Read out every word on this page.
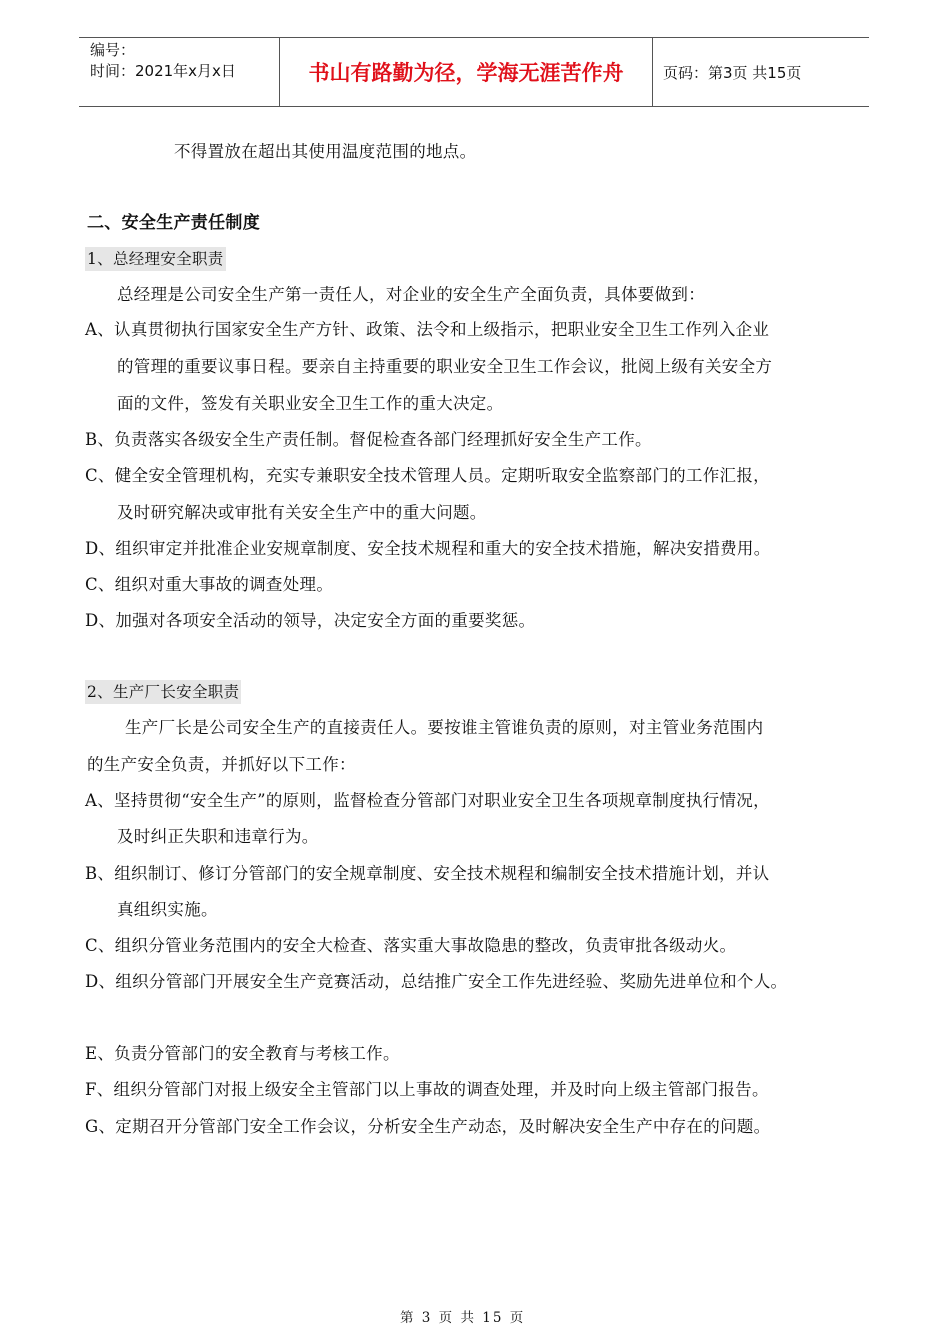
编号：
时间：2021年x月x日	书山有路勤为径，学海无涯苦作舟	页码：第3页 共15页
不得置放在超出其使用温度范围的地点。
二、安全生产责任制度
1、总经理安全职责
总经理是公司安全生产第一责任人，对企业的安全生产全面负责，具体要做到：
A、认真贯彻执行国家安全生产方针、政策、法令和上级指示，把职业安全卫生工作列入企业
的管理的重要议事日程。要亲自主持重要的职业安全卫生工作会议，批阅上级有关安全方
面的文件，签发有关职业安全卫生工作的重大决定。
B、负责落实各级安全生产责任制。督促检查各部门经理抓好安全生产工作。
C、健全安全管理机构，充实专兼职安全技术管理人员。定期听取安全监察部门的工作汇报，
及时研究解决或审批有关安全生产中的重大问题。
D、组织审定并批准企业安规章制度、安全技术规程和重大的安全技术措施，解决安措费用。
C、组织对重大事故的调查处理。
D、加强对各项安全活动的领导，决定安全方面的重要奖惩。
2、生产厂长安全职责
生产厂长是公司安全生产的直接责任人。要按谁主管谁负责的原则，对主管业务范围内
的生产安全负责，并抓好以下工作：
A、坚持贯彻“安全生产”的原则，监督检查分管部门对职业安全卫生各项规章制度执行情况，
及时纠正失职和违章行为。
B、组织制订、修订分管部门的安全规章制度、安全技术规程和编制安全技术措施计划，并认
真组织实施。
C、组织分管业务范围内的安全大检查、落实重大事故隐患的整改，负责审批各级动火。
D、组织分管部门开展安全生产竞赛活动，总结推广安全工作先进经验、奖励先进单位和个人。
E、负责分管部门的安全教育与考核工作。
F、组织分管部门对报上级安全主管部门以上事故的调查处理，并及时向上级主管部门报告。
G、定期召开分管部门安全工作会议，分析安全生产动态，及时解决安全生产中存在的问题。
第 3 页 共 15 页
